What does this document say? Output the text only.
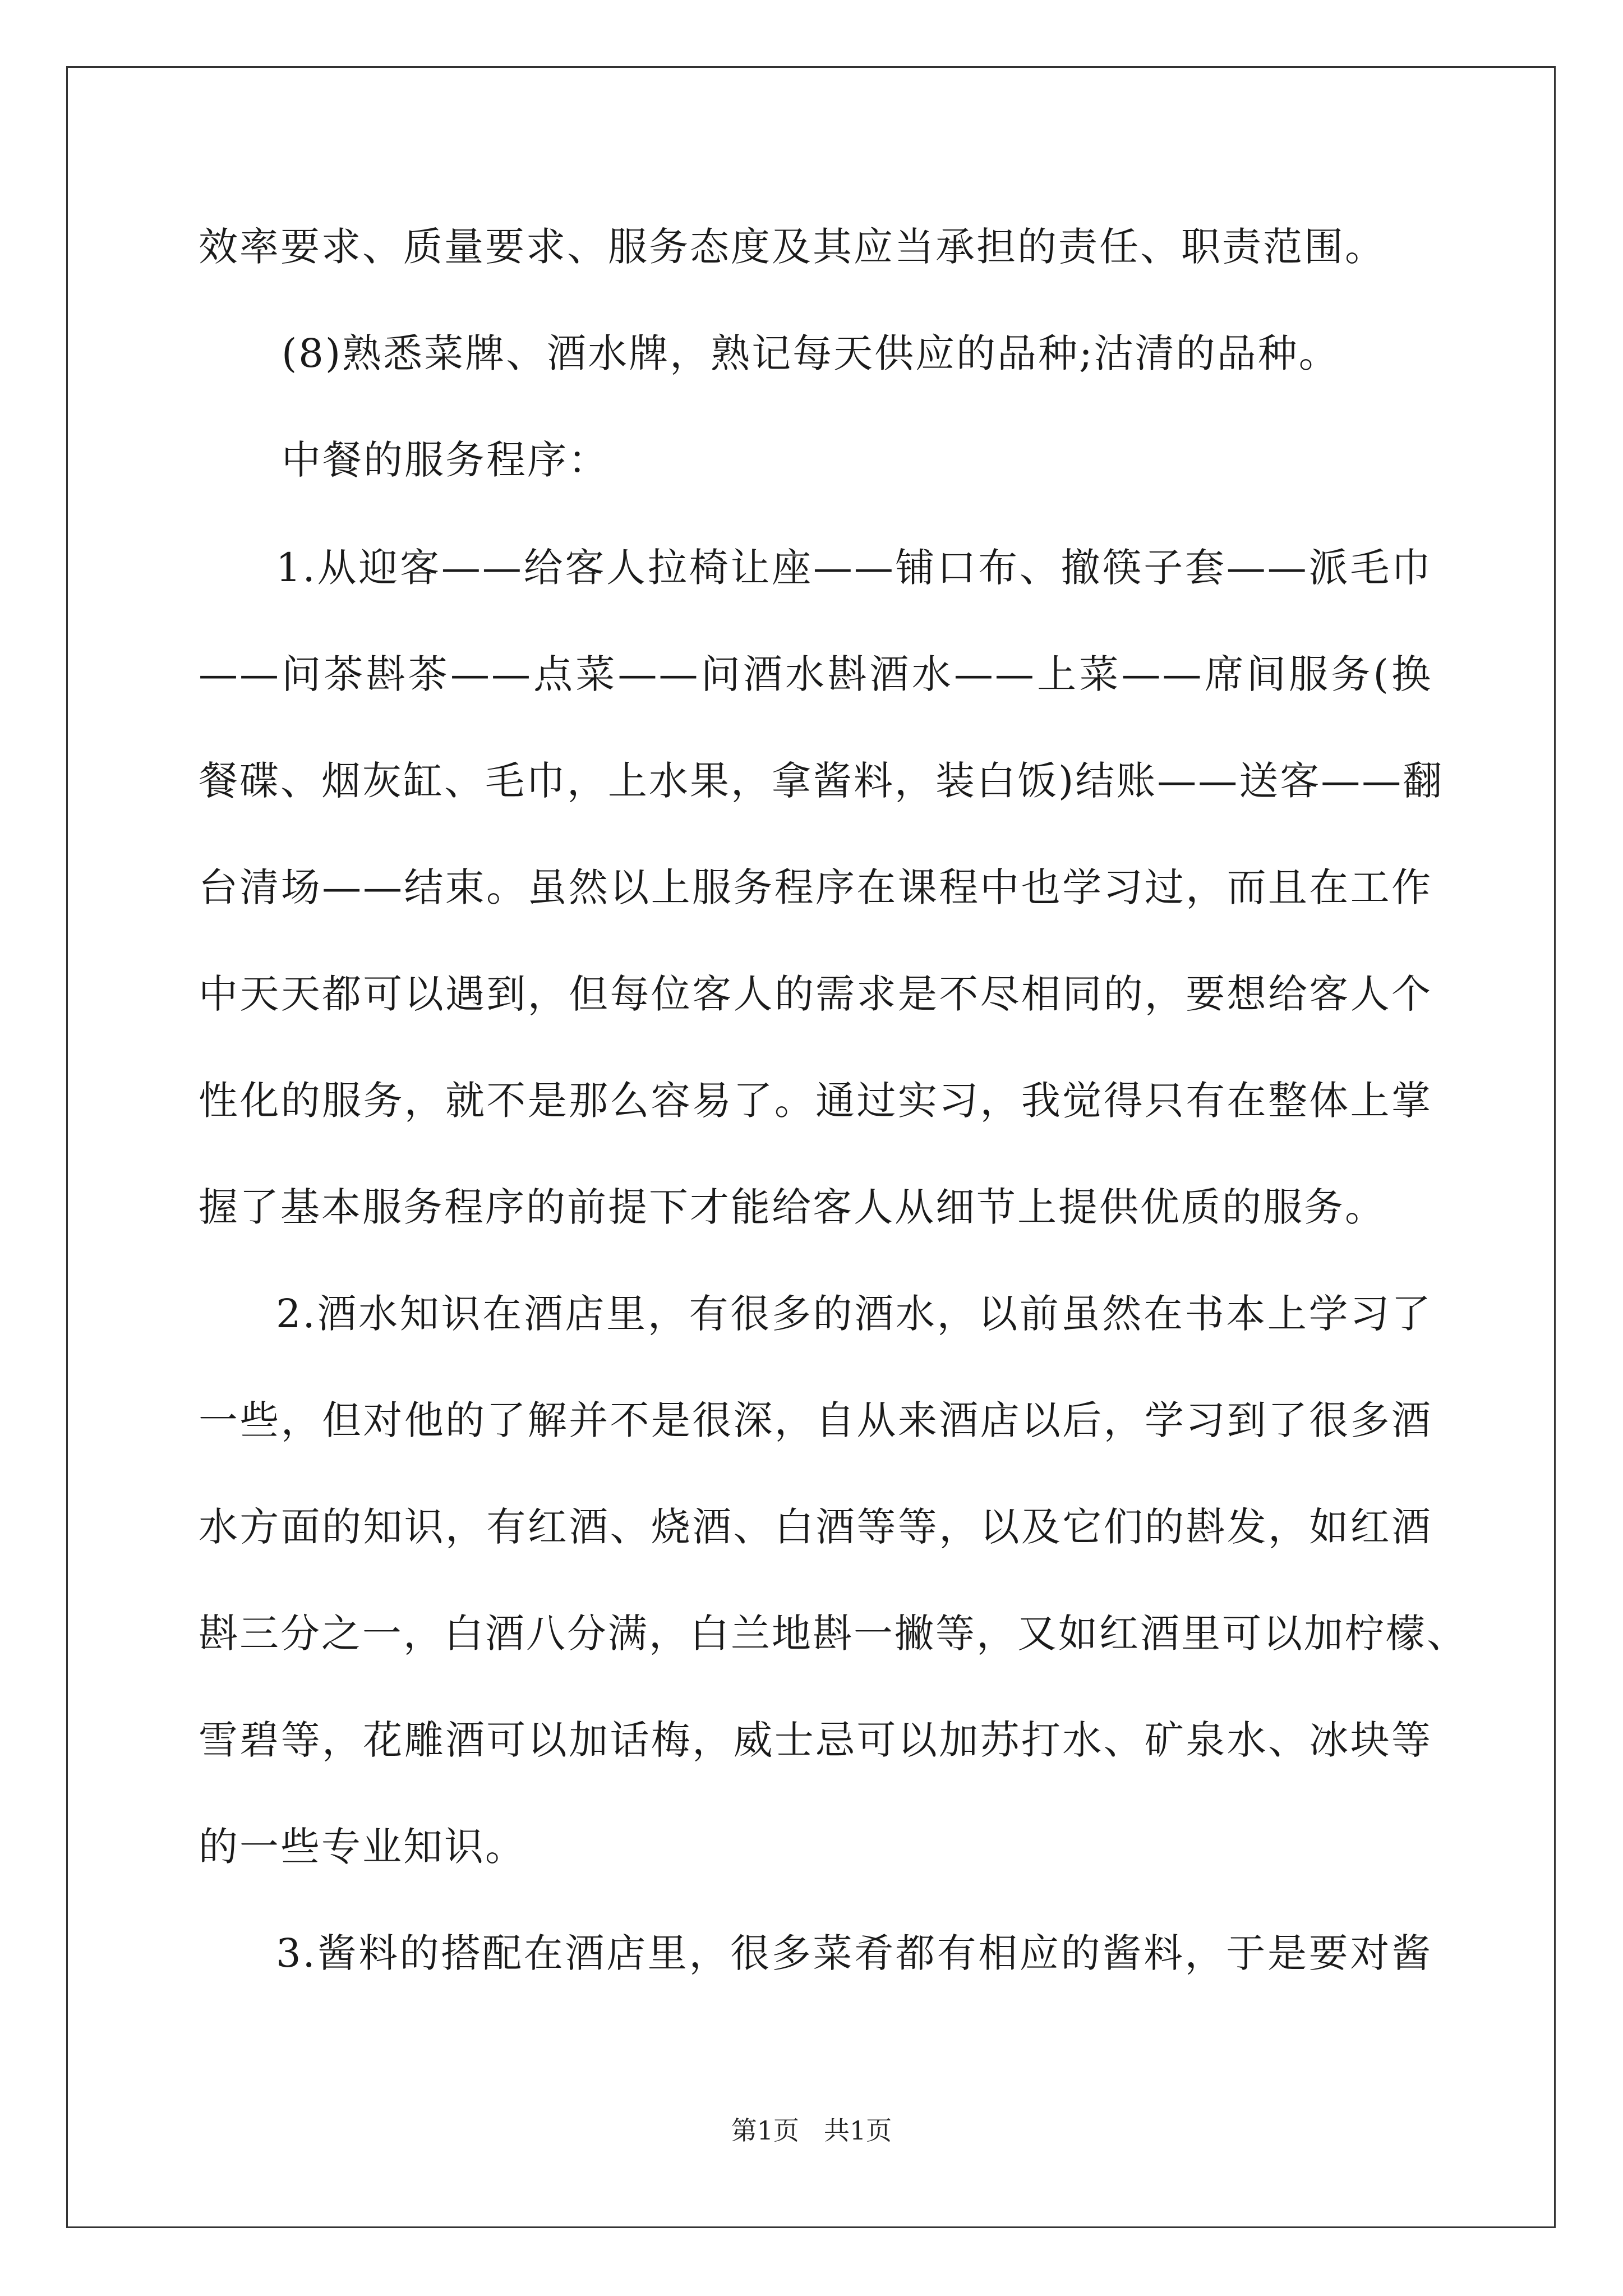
效率要求、质量要求、服务态度及其应当承担的责任、职责范围。
(8)熟悉菜牌、酒水牌，熟记每天供应的品种;沽清的品种。
中餐的服务程序：
1.从迎客——给客人拉椅让座——铺口布、撤筷子套——派毛巾
——问茶斟茶——点菜——问酒水斟酒水——上菜——席间服务(换
餐碟、烟灰缸、毛巾，上水果，拿酱料，装白饭)结账——送客——翻
台清场——结束。虽然以上服务程序在课程中也学习过，而且在工作
中天天都可以遇到，但每位客人的需求是不尽相同的，要想给客人个
性化的服务，就不是那么容易了。通过实习，我觉得只有在整体上掌
握了基本服务程序的前提下才能给客人从细节上提供优质的服务。
2.酒水知识在酒店里，有很多的酒水，以前虽然在书本上学习了
一些，但对他的了解并不是很深，自从来酒店以后，学习到了很多酒
水方面的知识，有红酒、烧酒、白酒等等，以及它们的斟发，如红酒
斟三分之一，白酒八分满，白兰地斟一撇等，又如红酒里可以加柠檬、
雪碧等，花雕酒可以加话梅，威士忌可以加苏打水、矿泉水、冰块等
的一些专业知识。
3.酱料的搭配在酒店里，很多菜肴都有相应的酱料，于是要对酱
第1页 共1页
